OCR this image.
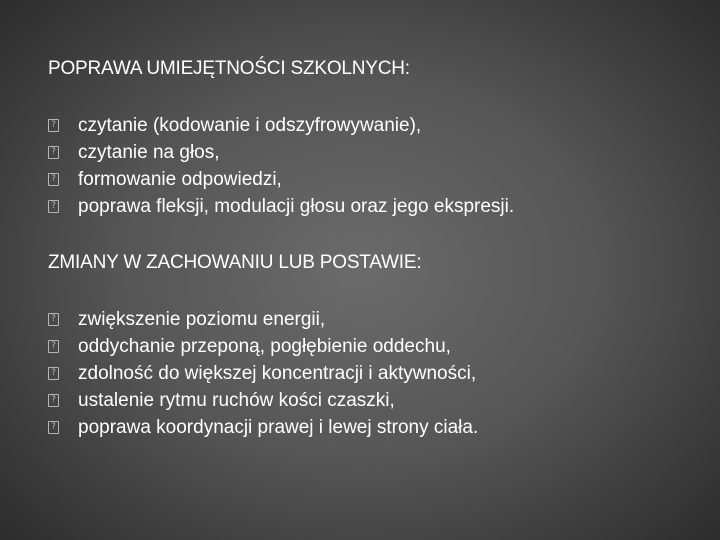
POPRAWA UMIEJĘTNOŚCI SZKOLNYCH:
?
czytanie (kodowanie i odszyfrowywanie),
?
czytanie na głos,
?
formowanie odpowiedzi,
?
poprawa fleksji, modulacji głosu oraz jego ekspresji.
ZMIANY W ZACHOWANIU LUB POSTAWIE:
?
zwiększenie poziomu energii,
?
oddychanie przeponą, pogłębienie oddechu,
?
zdolność do większej koncentracji i aktywności,
?
ustalenie rytmu ruchów kości czaszki,
?
poprawa koordynacji prawej i lewej strony ciała.
